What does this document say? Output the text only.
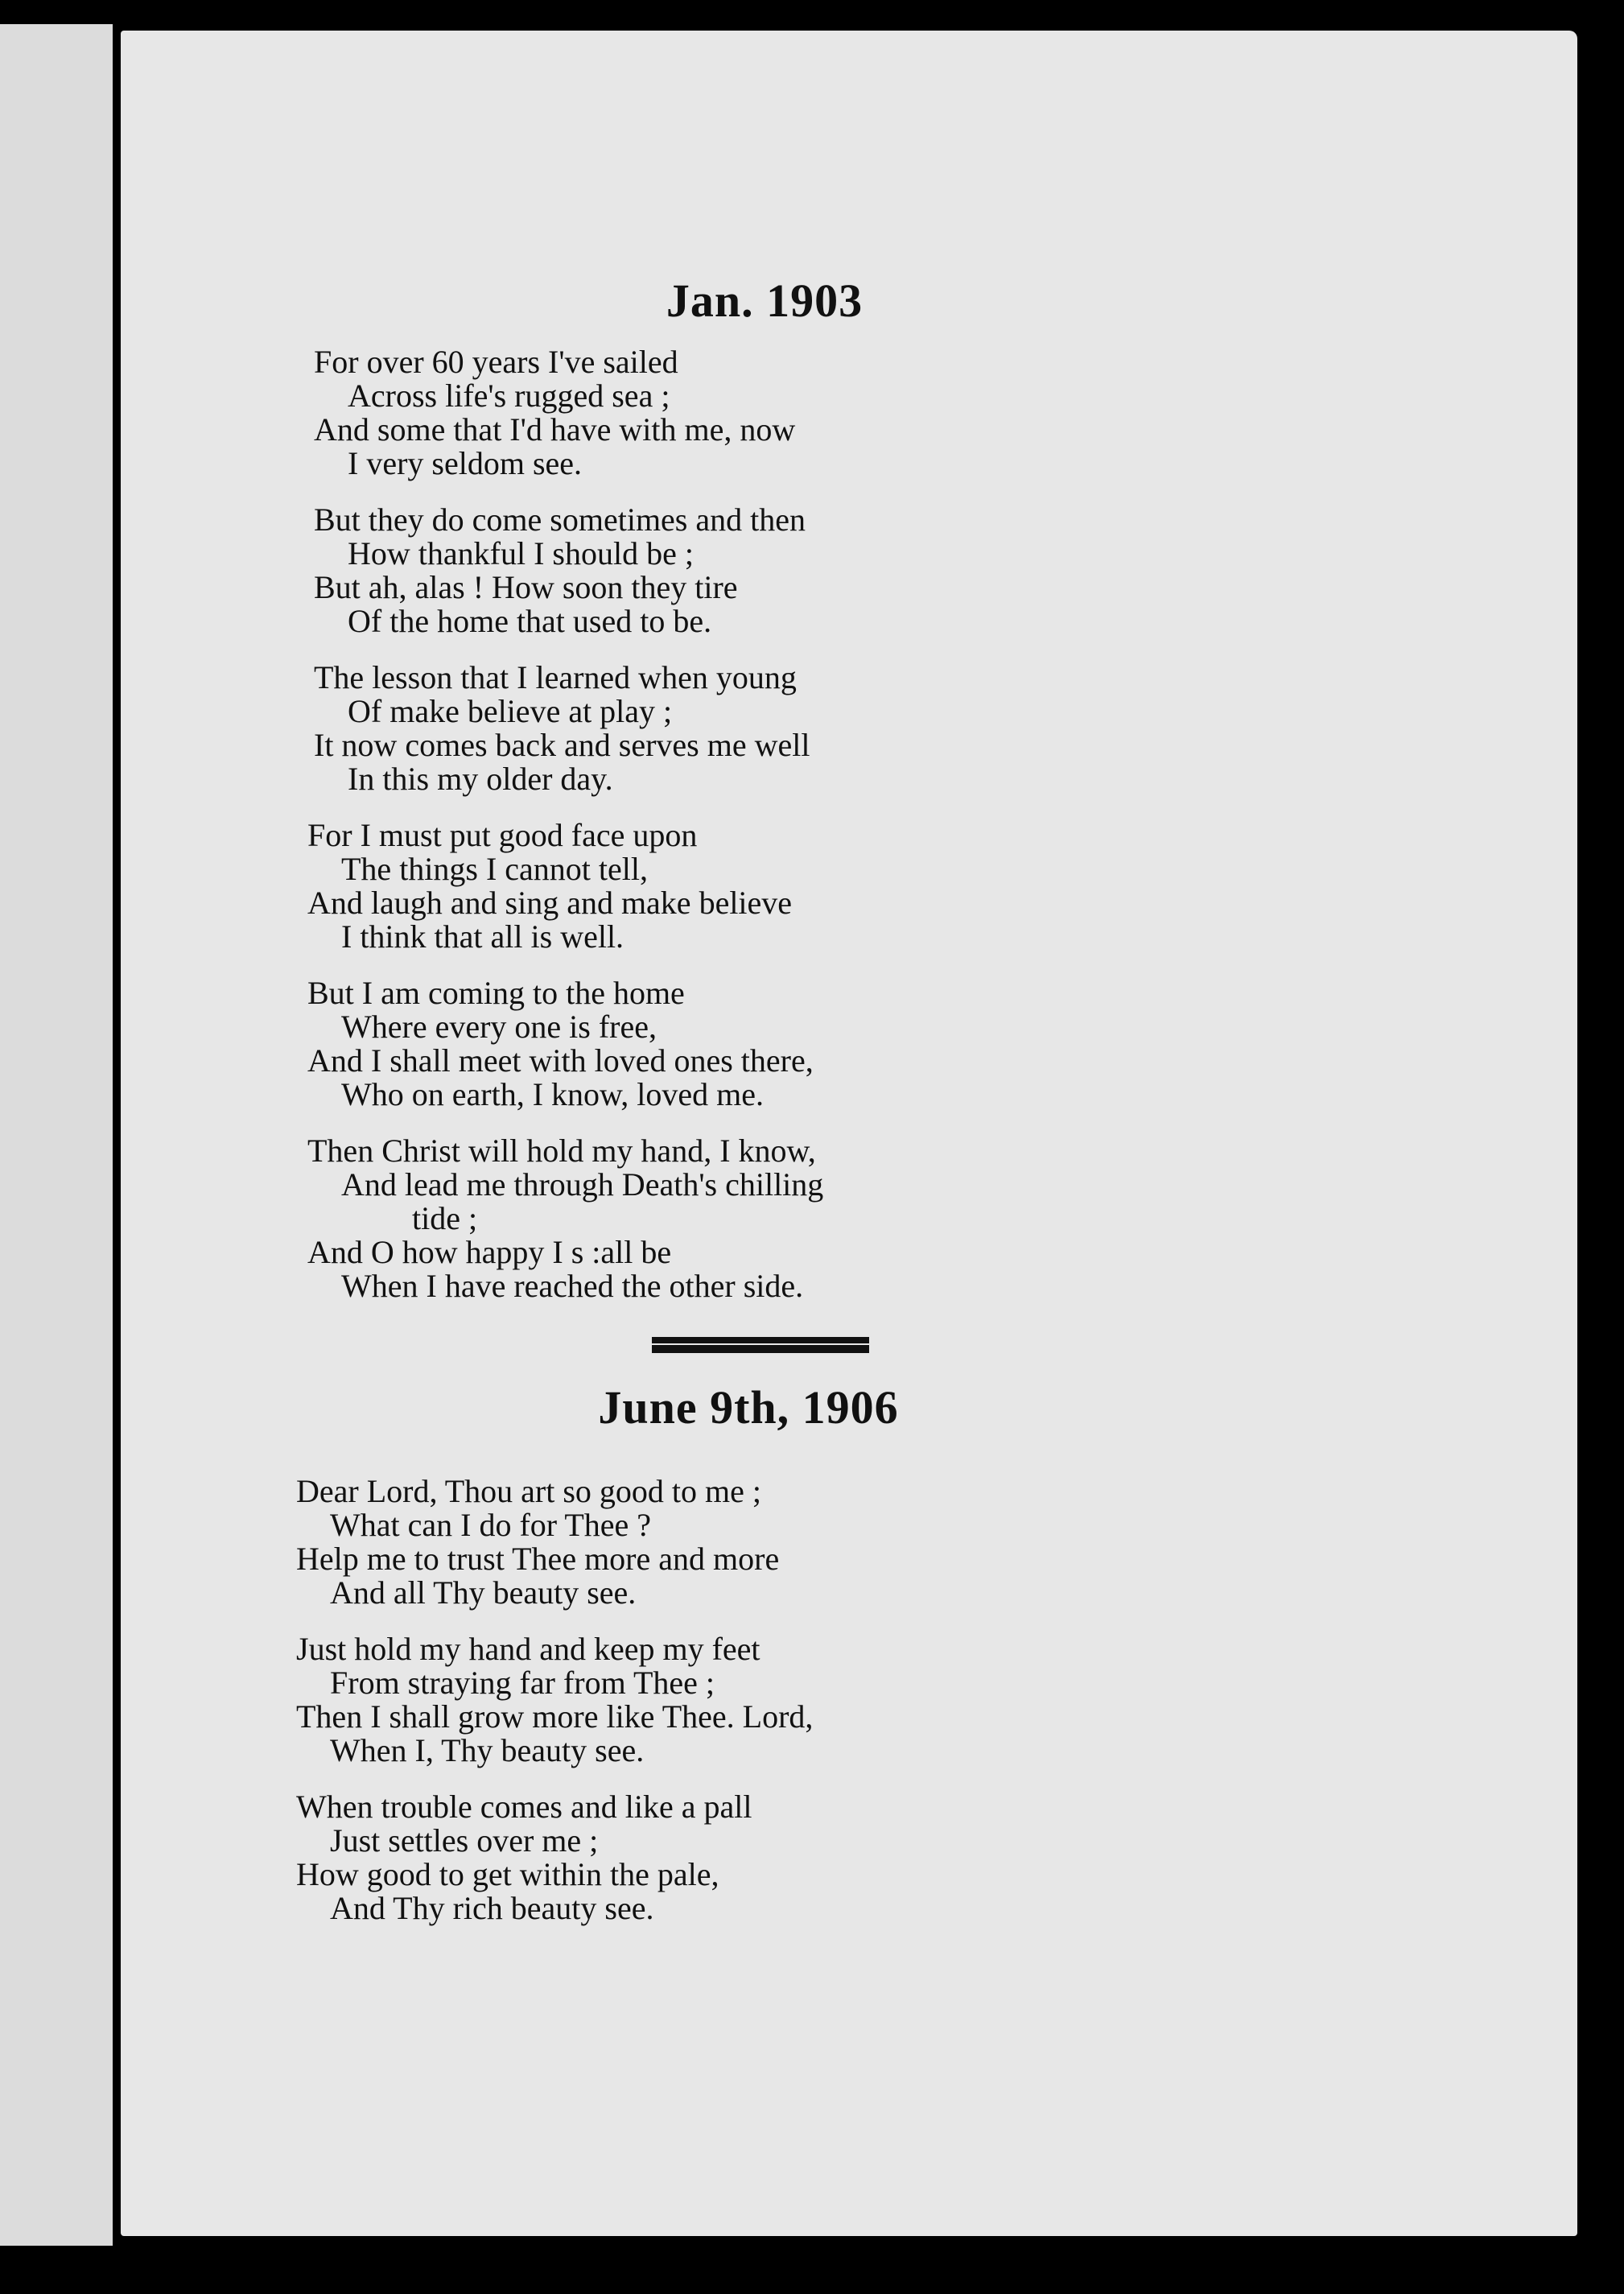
Jan. 1903
For over 60 years I've sailed
Across life's rugged sea ;
And some that I'd have with me, now
I very seldom see.
But they do come sometimes and then
How thankful I should be ;
But ah, alas ! How soon they tire
Of the home that used to be.
The lesson that I learned when young
Of make believe at play ;
It now comes back and serves me well
In this my older day.
For I must put good face upon
The things I cannot tell,
And laugh and sing and make believe
I think that all is well.
But I am coming to the home
Where every one is free,
And I shall meet with loved ones there,
Who on earth, I know, loved me.
Then Christ will hold my hand, I know,
And lead me through Death's chilling
tide ;
And O how happy I s :all be
When I have reached the other side.
June 9th, 1906
Dear Lord, Thou art so good to me ;
What can I do for Thee ?
Help me to trust Thee more and more
And all Thy beauty see.
Just hold my hand and keep my feet
From straying far from Thee ;
Then I shall grow more like Thee. Lord,
When I, Thy beauty see.
When trouble comes and like a pall
Just settles over me ;
How good to get within the pale,
And Thy rich beauty see.
